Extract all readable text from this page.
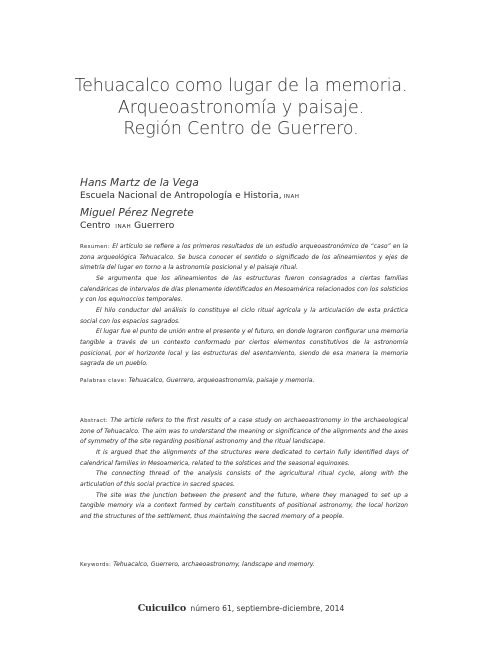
Tehuacalco como lugar de la memoria.
Arqueoastronomía y paisaje.
Región Centro de Guerrero.
Hans Martz de la Vega
Escuela Nacional de Antropología e Historia, INAH
Miguel Pérez Negrete
Centro INAH Guerrero

Resumen: El artículo se refiere a los primeros resultados de un estudio arqueoastronómico de “caso” en la zona arqueológica Tehuacalco. Se busca conocer el sentido o significado de los alineamientos y ejes de simetría del lugar en torno a la astronomía posicional y el paisaje ritual.

Se argumenta que los alineamientos de las estructuras fueron consagrados a ciertas familias calendáricas de intervalos de días plenamente identificados en Mesoamérica relacionados con los solsticios y con los equinoccios temporales.

El hilo conductor del análisis lo constituye el ciclo ritual agrícola y la articulación de esta práctica social con los espacios sagrados.

El lugar fue el punto de unión entre el presente y el futuro, en donde lograron configurar una memoria tangible a través de un contexto conformado por ciertos elementos constitutivos de la astronomía posicional, por el horizonte local y las estructuras del asentamiento, siendo de esa manera la memoria sagrada de un pueblo.

Palabras clave: Tehuacalco, Guerrero, arqueoastronomía, paisaje y memoria.

Abstract: The article refers to the first results of a case study on archaeoastronomy in the archaeological zone of Tehuacalco. The aim was to understand the meaning or significance of the alignments and the axes of symmetry of the site regarding positional astronomy and the ritual landscape.

It is argued that the alignments of the structures were dedicated to certain fully identified days of calendrical families in Mesoamerica, related to the solstices and the seasonal equinoxes.

The connecting thread of the analysis consists of the agricultural ritual cycle, along with the articulation of this social practice in sacred spaces.

The site was the junction between the present and the future, where they managed to set up a tangible memory via a context formed by certain constituents of positional astronomy, the local horizon and the structures of the settlement, thus maintaining the sacred memory of a people.

Keywords: Tehuacalco, Guerrero, archaeoastronomy, landscape and memory.

Cuicuilco número 61, septiembre-diciembre, 2014
